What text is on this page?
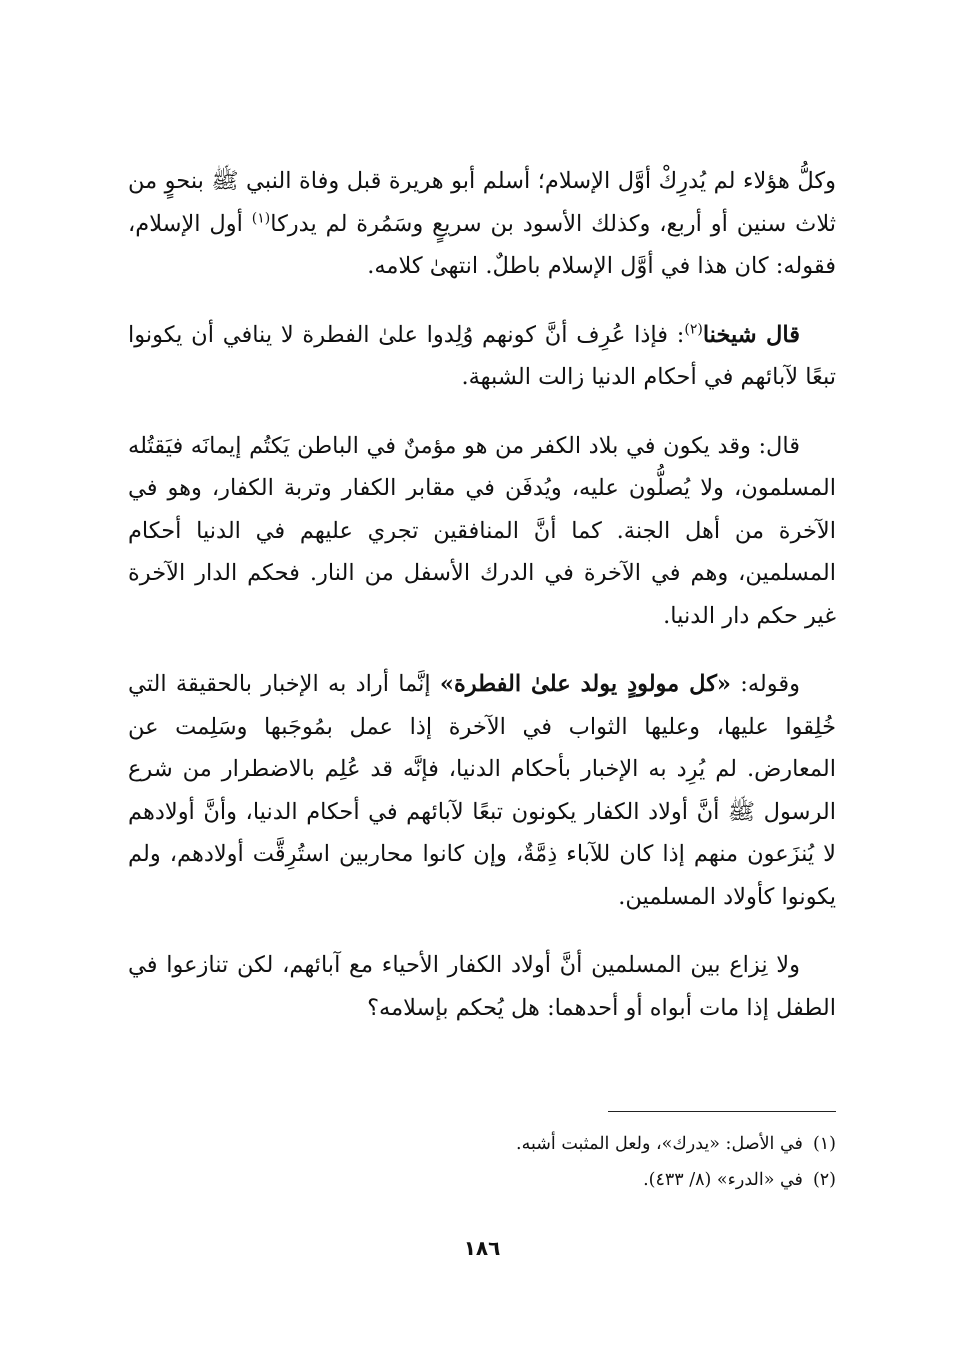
وكلُّ هؤلاء لم يُدرِكْ أوَّل الإسلام؛ أسلم أبو هريرة قبل وفاة النبي ﷺ بنحوٍ من ثلاث سنين أو أربع، وكذلك الأسود بن سريعٍ وسَمُرة لم يدركا$^{(١)}$ أول الإسلام، فقوله: كان هذا في أوَّل الإسلام باطلٌ. انتهىٰ كلامه.

قال شيخنا$^{(٢)}$: فإذا عُرِف أنَّ كونهم وُلِدوا علىٰ الفطرة لا ينافي أن يكونوا تبعًا لآبائهم في أحكام الدنيا زالت الشبهة.

قال: وقد يكون في بلاد الكفر من هو مؤمنٌ في الباطن يَكتُم إيمانَه فيَقتُله المسلمون، ولا يُصلُّون عليه، ويُدفَن في مقابر الكفار وتربة الكفار، وهو في الآخرة من أهل الجنة. كما أنَّ المنافقين تجري عليهم في الدنيا أحكام المسلمين، وهم في الآخرة في الدرك الأسفل من النار. فحكم الدار الآخرة غير حكم دار الدنيا.

وقوله: «كل مولودٍ يولد علىٰ الفطرة» إنَّما أراد به الإخبار بالحقيقة التي خُلِقوا عليها، وعليها الثواب في الآخرة إذا عمل بمُوجَبها وسَلِمت عن المعارض. لم يُرِد به الإخبار بأحكام الدنيا، فإنَّه قد عُلِم بالاضطرار من شرع الرسول ﷺ أنَّ أولاد الكفار يكونون تبعًا لآبائهم في أحكام الدنيا، وأنَّ أولادهم لا يُنزَعون منهم إذا كان للآباء ذِمَّةٌ، وإن كانوا محاربين استُرِقَّت أولادهم، ولم يكونوا كأولاد المسلمين.

ولا نِزاع بين المسلمين أنَّ أولاد الكفار الأحياء مع آبائهم، لكن تنازعوا في الطفل إذا مات أبواه أو أحدهما: هل يُحكم بإسلامه؟

(١)في الأصل: «يدرك»، ولعل المثبت أشبه.

(٢)في «الدرء» (٨/ ٤٣٣).

١٨٦
